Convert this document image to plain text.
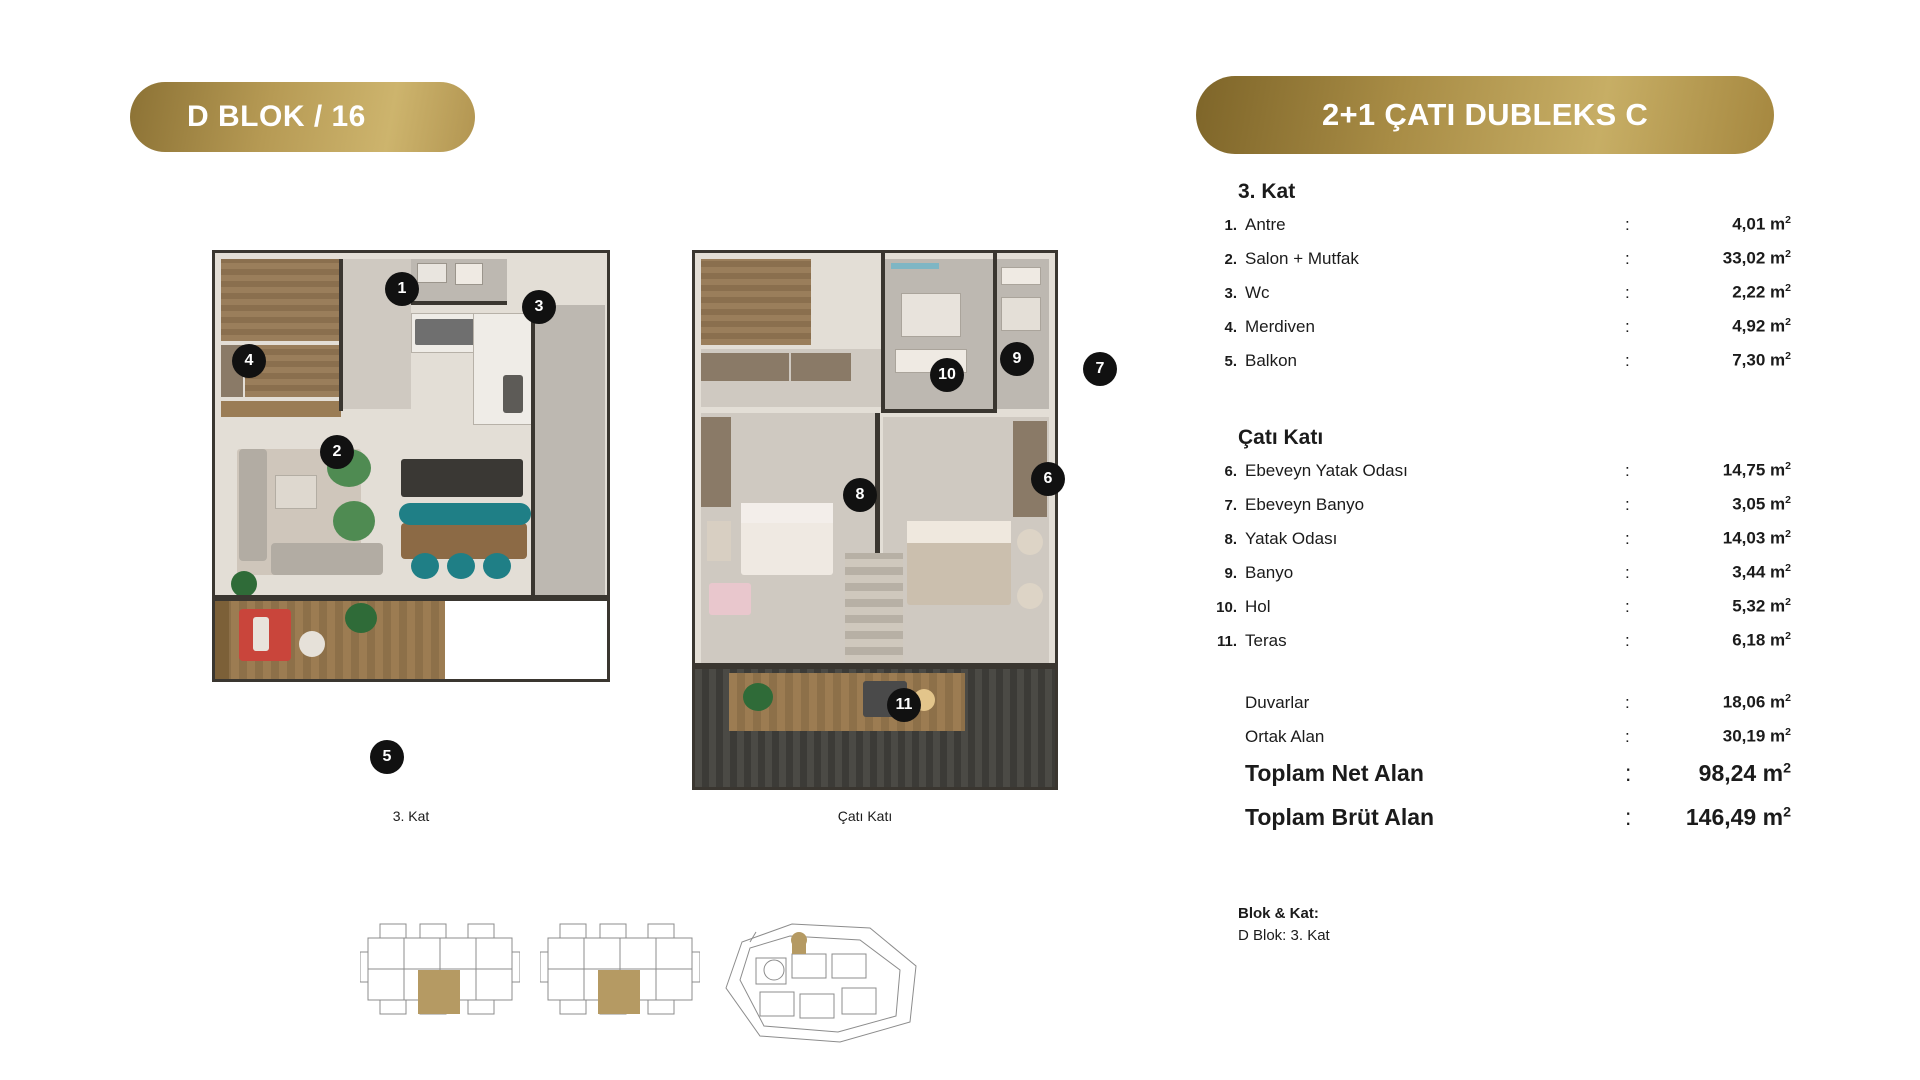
D BLOK / 16	2+1 ÇATI DUBLEKS C
3. Kat
1. Antre	:	4,01 $m^2$
2. Salon + Mutfak	:	33,02 $m^2$
3. Wc	:	2,22 $m^2$
4. Merdiven	:	4,92 $m^2$
5. Balkon	:	7,30 $m^2$
Çatı Katı
6. Ebeveyn Yatak Odası	:	14,75 $m^2$
7. Ebeveyn Banyo	:	3,05 $m^2$
8. Yatak Odası	:	14,03 $m^2$
9. Banyo	:	3,44 $m^2$
10. Hol	:	5,32 $m^2$
11. Teras	:	6,18 $m^2$
Duvarlar	:	18,06 $m^2$
Ortak Alan	:	30,19 $m^2$
Toplam Net Alan	:	98,24 $m^2$
Toplam Brüt Alan	:	146,49 $m^2$
Blok & Kat:
D Blok: 3. Kat
1
2
3
4
5
3. Kat
9
7
10
6
8
11
Çatı Katı
